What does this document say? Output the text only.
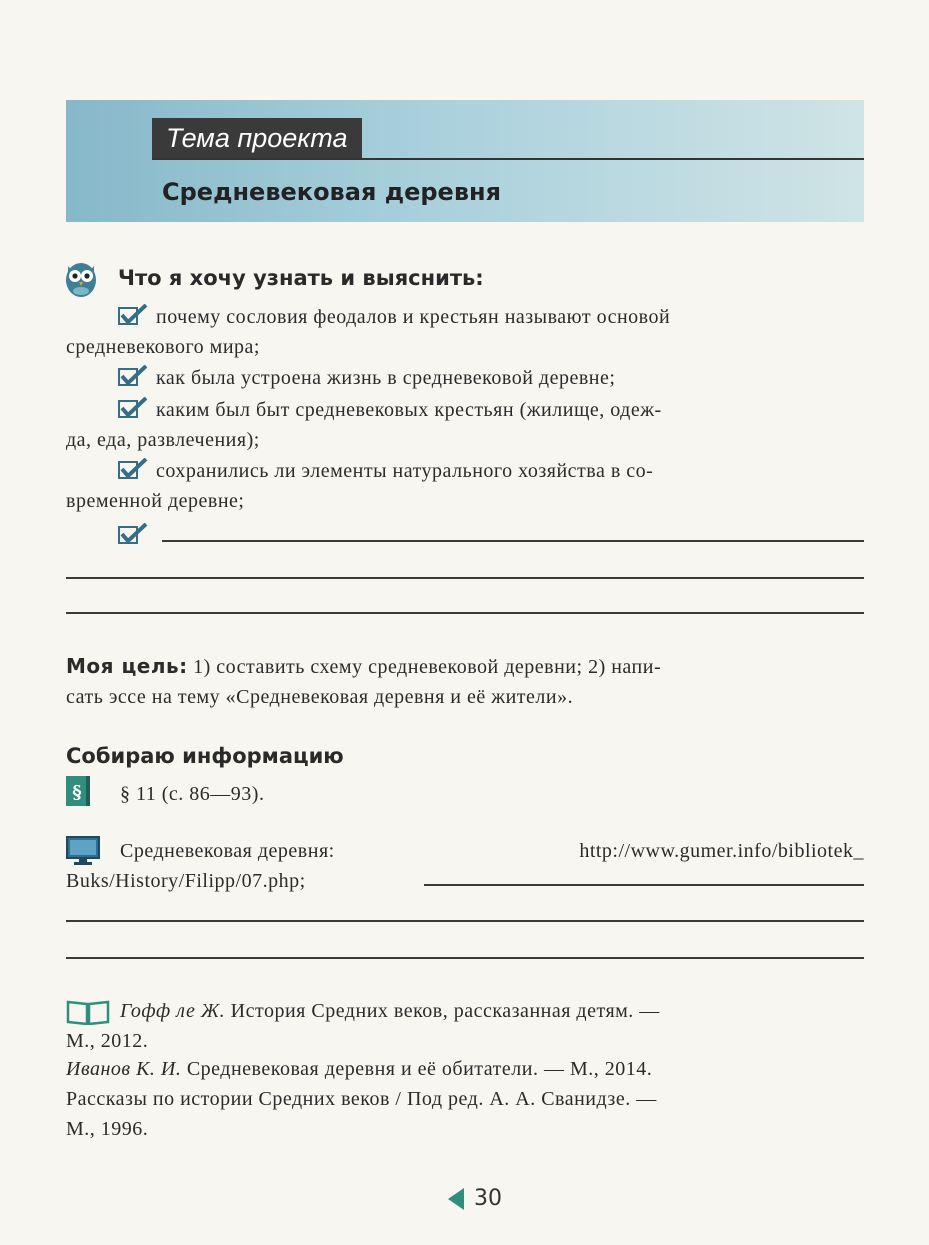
Тема проекта
Средневековая деревня
Что я хочу узнать и выяснить:
почему сословия феодалов и крестьян называют основой
средневекового мира;
как была устроена жизнь в средневековой деревне;
каким был быт средневековых крестьян (жилище, одеж-
да, еда, развлечения);
сохранились ли элементы натурального хозяйства в со-
временной деревне;
Моя цель: 1) составить схему средневековой деревни; 2) напи-
сать эссе на тему «Средневековая деревня и её жители».
Собираю информацию
§ § 11 (с. 86—93).
Средневековая деревня:	http://www.gumer.info/bibliotek_
Buks/History/Filipp/07.php;
Гофф ле Ж. История Средних веков, рассказанная детям. —
М., 2012.
Иванов К. И. Средневековая деревня и её обитатели. — М., 2014.
Рассказы по истории Средних веков / Под ред. А. А. Сванидзе. —
М., 1996.
30
